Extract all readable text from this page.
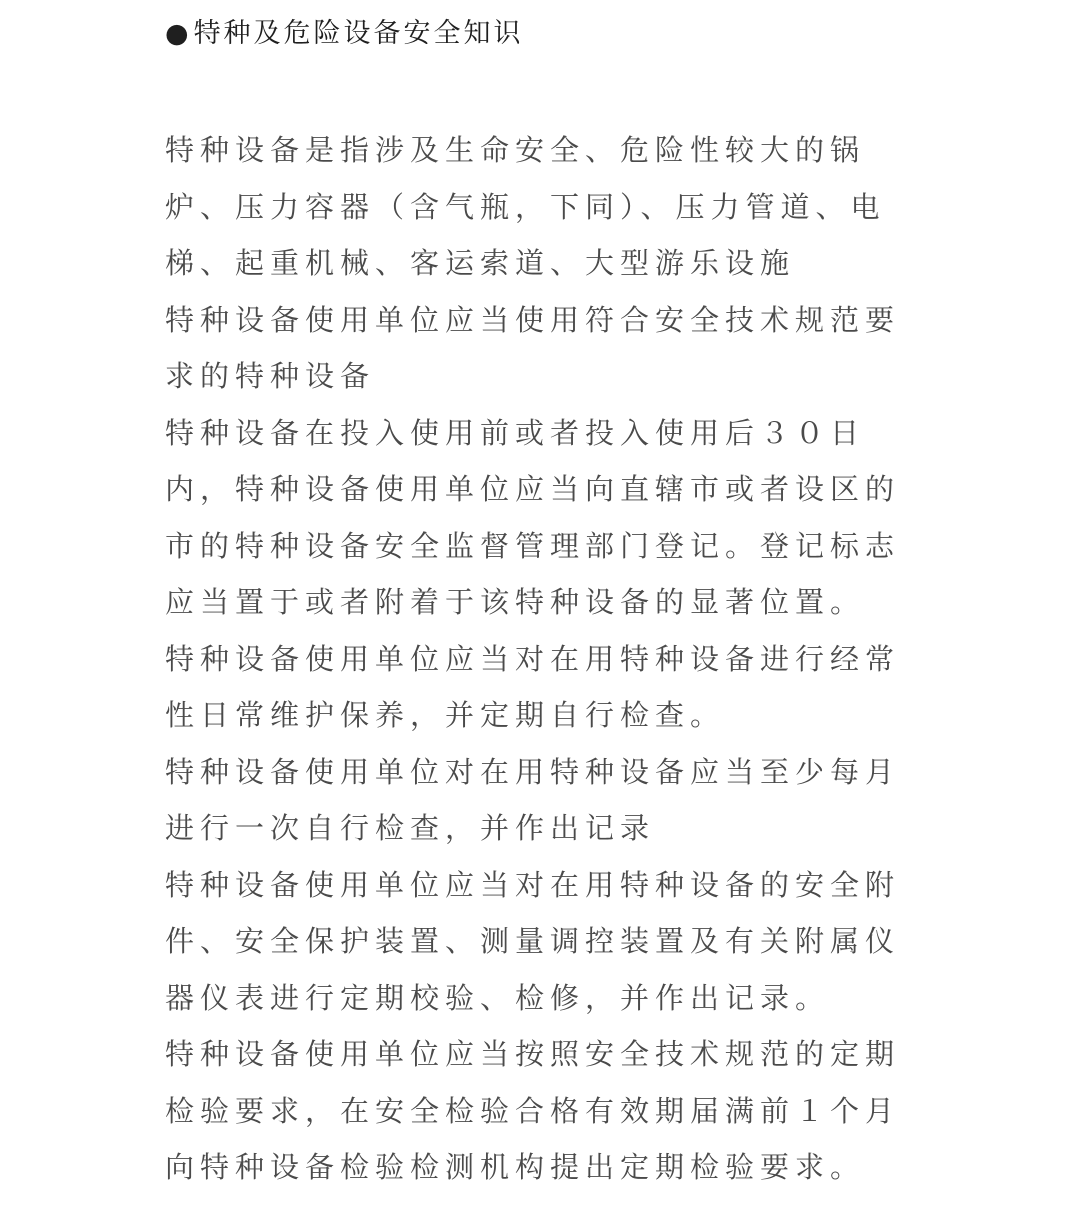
●特种及危险设备安全知识

特种设备是指涉及生命安全、危险性较大的锅炉、压力容器（含气瓶，下同）、压力管道、电梯、起重机械、客运索道、大型游乐设施

特种设备使用单位应当使用符合安全技术规范要求的特种设备

特种设备在投入使用前或者投入使用后３０日内，特种设备使用单位应当向直辖市或者设区的市的特种设备安全监督管理部门登记。登记标志应当置于或者附着于该特种设备的显著位置。

特种设备使用单位应当对在用特种设备进行经常性日常维护保养，并定期自行检查。

特种设备使用单位对在用特种设备应当至少每月进行一次自行检查，并作出记录

特种设备使用单位应当对在用特种设备的安全附件、安全保护装置、测量调控装置及有关附属仪器仪表进行定期校验、检修，并作出记录。

特种设备使用单位应当按照安全技术规范的定期检验要求，在安全检验合格有效期届满前１个月向特种设备检验检测机构提出定期检验要求。
